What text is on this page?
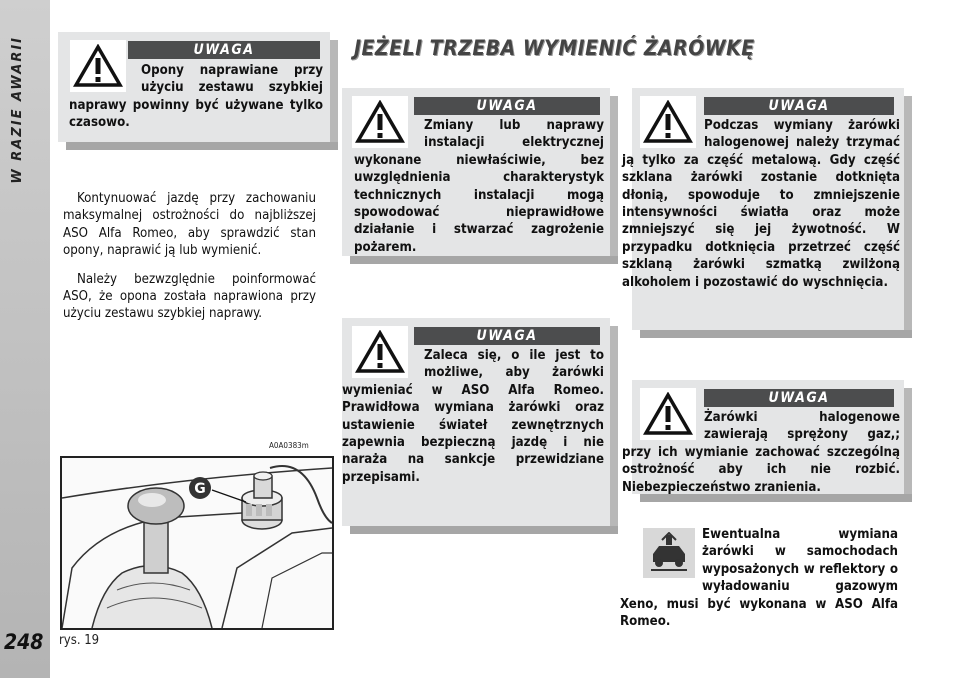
W RAZIE AWARII
248
JEŻELI TRZEBA WYMIENIĆ ŻARÓWKĘ
UWAGA
Opony naprawiane przy użyciu zestawu szybkiej naprawy powinny być używane tylko czasowo.
UWAGA
Zmiany lub naprawy instalacji elektrycznej wykonane niewłaściwie, bez uwzględnienia charakterystyk technicznych instalacji mogą spowodować nieprawidłowe działanie i stwarzać zagrożenie pożarem.
UWAGA
Podczas wymiany żarówki halogenowej należy trzymać ją tylko za część metalową. Gdy część szklana żarówki zostanie dotknięta dłonią, spowoduje to zmniejszenie intensywności światła oraz może zmniejszyć się jej żywotność. W przypadku dotknięcia przetrzeć część szklaną żarówki szmatką zwilżoną alkoholem i pozostawić do wyschnięcia.
UWAGA
Zaleca się, o ile jest to możliwe, aby żarówki wymieniać w ASO Alfa Romeo. Prawidłowa wymiana żarówki oraz ustawienie świateł zewnętrznych zapewnia bezpieczną jazdę i nie naraża na sankcje przewidziane przepisami.
UWAGA
Żarówki halogenowe zawierają sprężony gaz,; przy ich wymianie zachować szczególną ostrożność aby ich nie rozbić. Niebezpieczeństwo zranienia.

Kontynuować jazdę przy zachowaniu maksymalnej ostrożności do najbliższej ASO Alfa Romeo, aby sprawdzić stan opony, naprawić ją lub wymienić.

Należy bezwzględnie poinformować ASO, że opona została naprawiona przy użyciu zestawu szybkiej naprawy.

A0A0383m
G
rys. 19
Ewentualna wymiana żarówki w samochodach wyposażonych w reflektory o wyładowaniu gazowym Xeno, musi być wykonana w ASO Alfa Romeo.
